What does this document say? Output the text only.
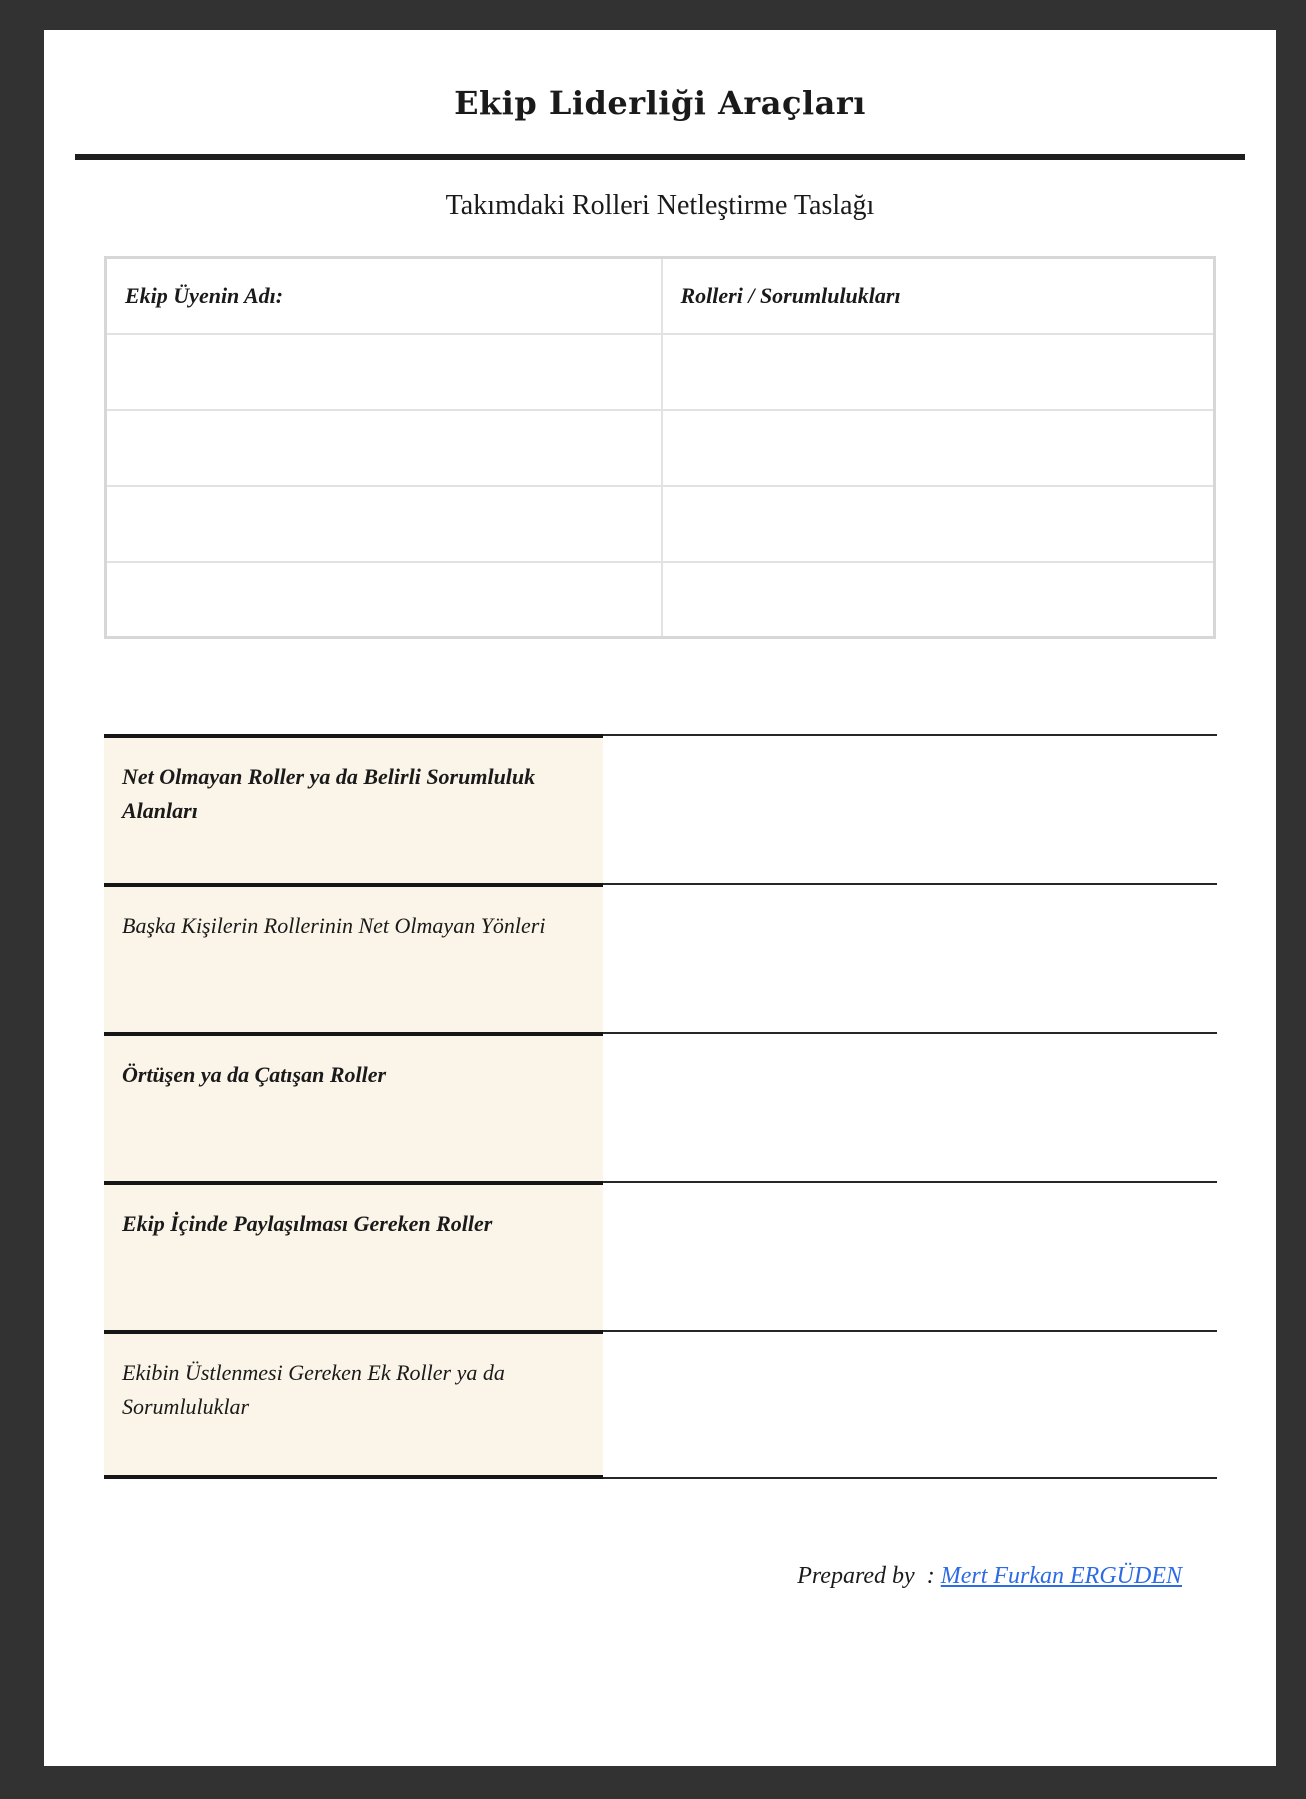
Ekip Liderliği Araçları
Takımdaki Rolleri Netleştirme Taslağı
Ekip Üyenin Adı:	Rolleri / Sorumlulukları

Net Olmayan Roller ya da Belirli Sorumluluk Alanları
Başka Kişilerin Rollerinin Net Olmayan Yönleri
Örtüşen ya da Çatışan Roller
Ekip İçinde Paylaşılması Gereken Roller
Ekibin Üstlenmesi Gereken Ek Roller ya da Sorumluluklar
Prepared by  : Mert Furkan ERGÜDEN
